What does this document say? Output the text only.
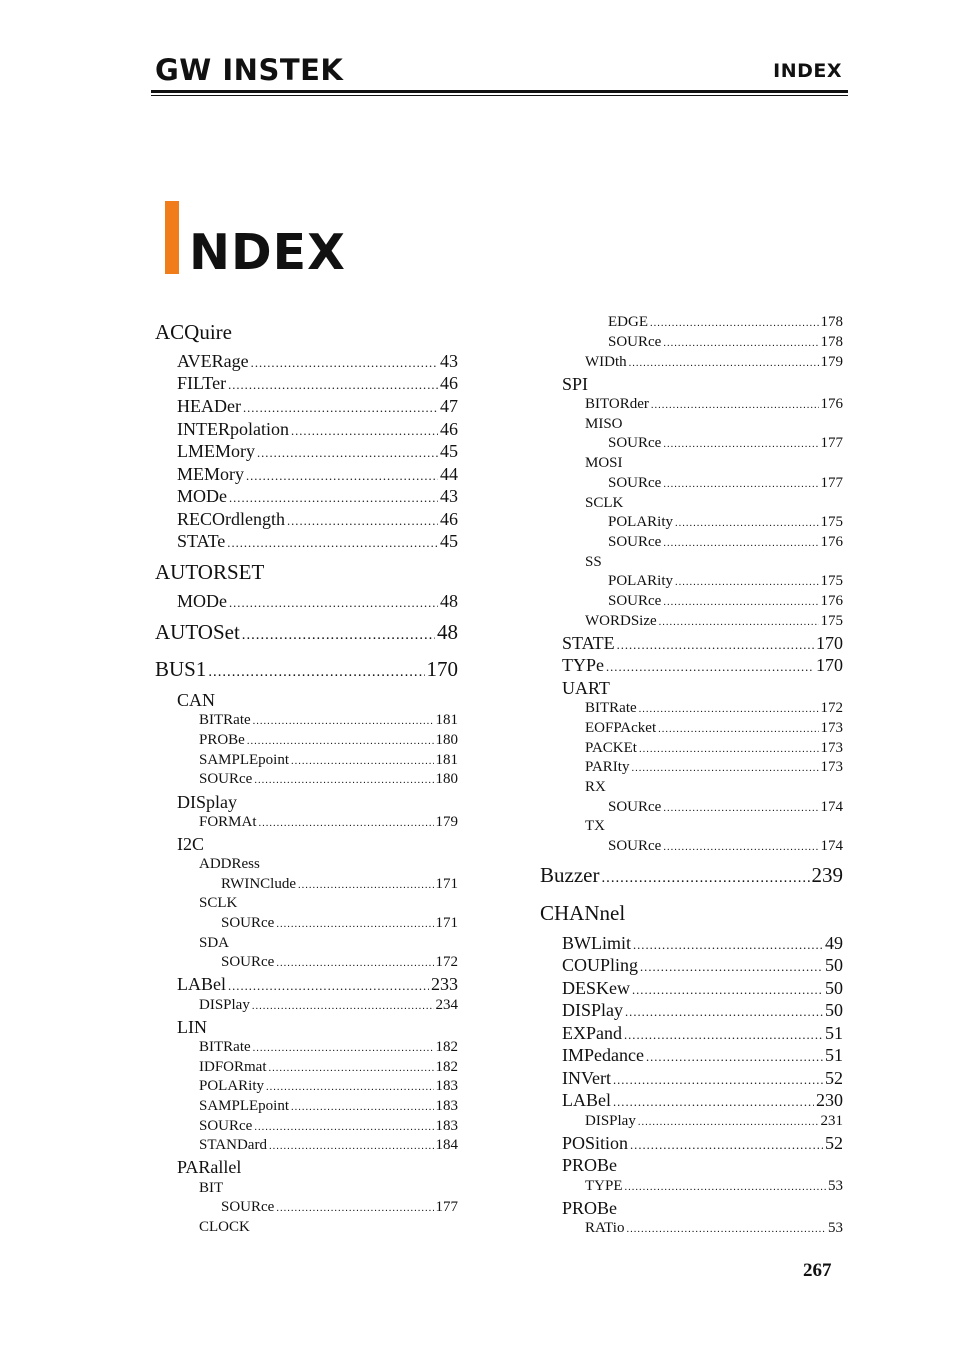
GW INSTEK	INDEX
NDEX
ACQuire
AVERage .....	43
FILTer .....	46
HEADer .....	47
INTERpolation .....	46
LMEMory .....	45
MEMory .....	44
MODe .....	43
RECOrdlength .....	46
STATe .....	45
AUTORSET
MODe .....	48
AUTOSet .....	48
BUS1 .....	170
CAN
BITRate .....	181
PROBe .....	180
SAMPLEpoint .....	181
SOURce .....	180
DISplay
FORMAt .....	179
I2C
ADDRess
RWINClude .....	171
SCLK
SOURce .....	171
SDA
SOURce .....	172
LABel .....	233
DISPlay .....	234
LIN
BITRate .....	182
IDFORmat .....	182
POLARity .....	183
SAMPLEpoint .....	183
SOURce .....	183
STANDard .....	184
PARallel
BIT
SOURce .....	177
CLOCK
EDGE .....	178
SOURce .....	178
WIDth .....	179
SPI
BITORder .....	176
MISO
SOURce .....	177
MOSI
SOURce .....	177
SCLK
POLARity .....	175
SOURce .....	176
SS
POLARity .....	175
SOURce .....	176
WORDSize .....	175
STATE .....	170
TYPe .....	170
UART
BITRate .....	172
EOFPAcket .....	173
PACKEt .....	173
PARIty .....	173
RX
SOURce .....	174
TX
SOURce .....	174
Buzzer .....	239
CHANnel
BWLimit .....	49
COUPling .....	50
DESKew .....	50
DISPlay .....	50
EXPand .....	51
IMPedance .....	51
INVert .....	52
LABel .....	230
DISPlay .....	231
POSition .....	52
PROBe
TYPE .....	53
PROBe
RATio .....	53
267
